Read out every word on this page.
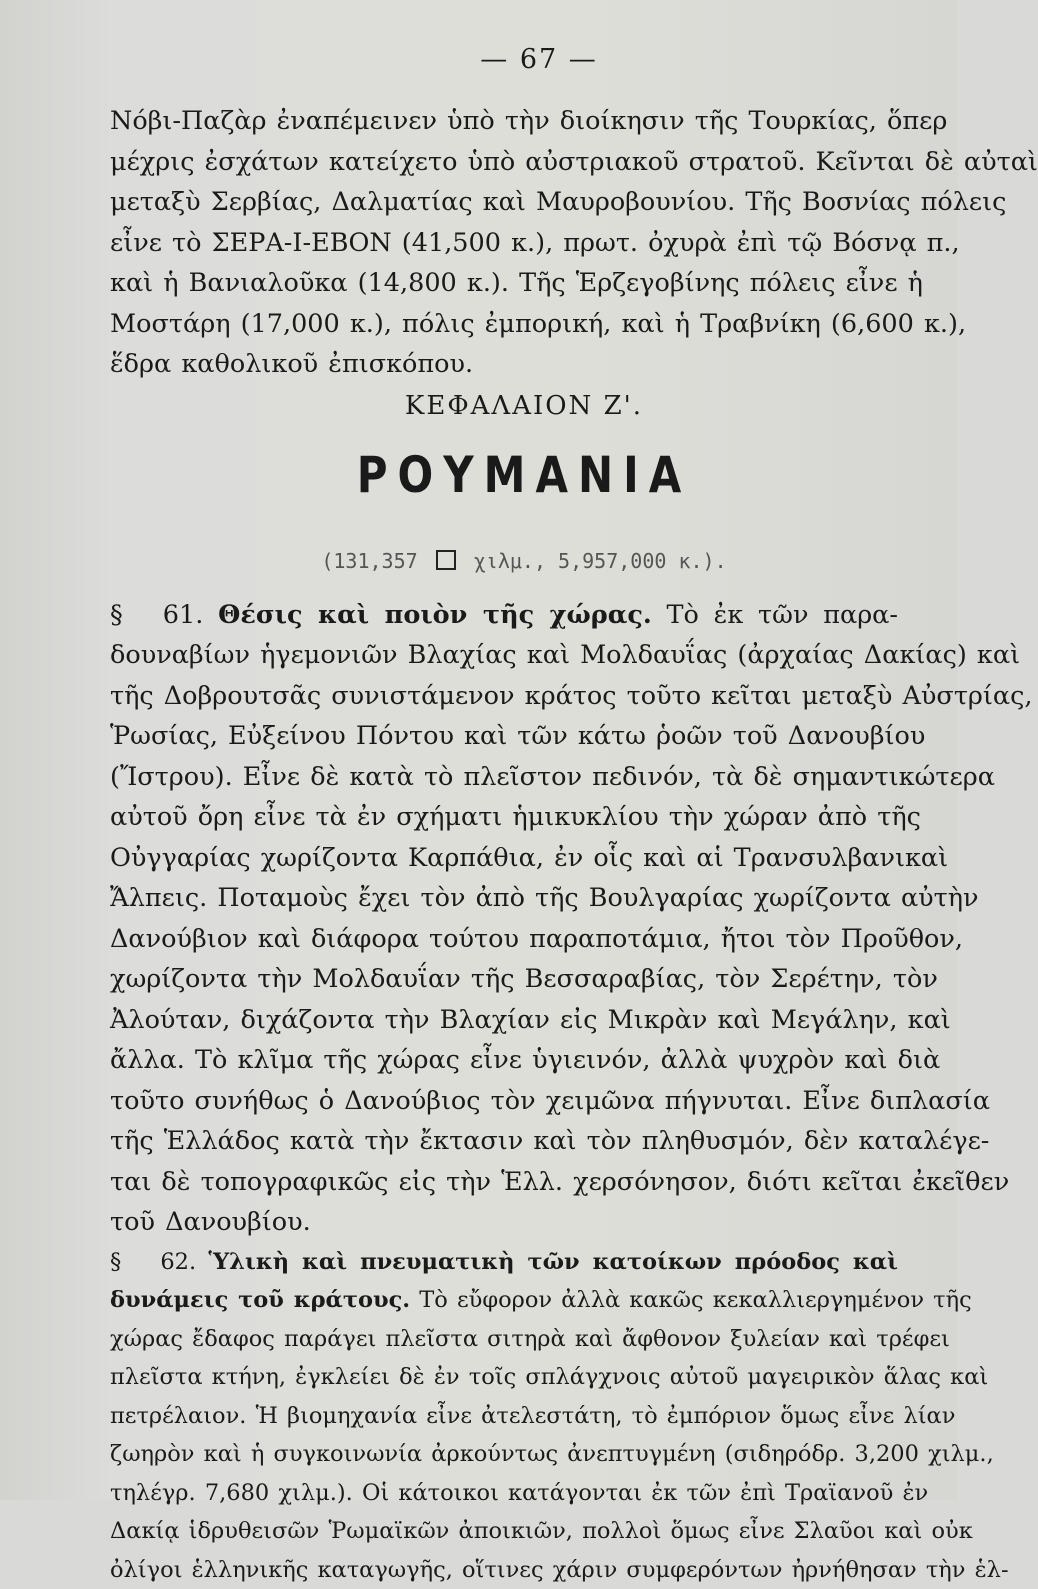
— 67 —
Νόβι-Παζὰρ ἐναπέμεινεν ὑπὸ τὴν διοίκησιν τῆς Τουρκίας, ὅπερ
μέχρις ἐσχάτων κατείχετο ὑπὸ αὐστριακοῦ στρατοῦ. Κεῖνται δὲ αὐταὶ
μεταξὺ Σερβίας, Δαλματίας καὶ Μαυροβουνίου. Τῆς Βοσνίας πόλεις
εἶνε τὸ ΣΕΡΑ-Ι-ΕΒΟΝ (41,500 κ.), πρωτ. ὀχυρὰ ἐπὶ τῷ Βόσνᾳ π.,
καὶ ἡ Βανιαλοῦκα (14,800 κ.). Τῆς Ἑρζεγοβίνης πόλεις εἶνε ἡ
Μοστάρη (17,000 κ.), πόλις ἐμπορική, καὶ ἡ Τραβνίκη (6,600 κ.),
ἕδρα καθολικοῦ ἐπισκόπου.
ΚΕΦΑΛΑΙΟΝ Ζ'.
ΡΟΥΜΑΝΙΑ
(131,357	χιλμ., 5,957,000 κ.).
§ 61. Θέσις καὶ ποιὸν τῆς χώρας. Τὸ ἐκ τῶν παρα-
δουναβίων ἡγεμονιῶν Βλαχίας καὶ Μολδαυΐας (ἀρχαίας Δακίας) καὶ
τῆς Δοβρουτσᾶς συνιστάμενον κράτος τοῦτο κεῖται μεταξὺ Αὐστρίας,
Ῥωσίας, Εὐξείνου Πόντου καὶ τῶν κάτω ῥοῶν τοῦ Δανουβίου
(Ἴστρου). Εἶνε δὲ κατὰ τὸ πλεῖστον πεδινόν, τὰ δὲ σημαντικώτερα
αὐτοῦ ὄρη εἶνε τὰ ἐν σχήματι ἡμικυκλίου τὴν χώραν ἀπὸ τῆς
Οὐγγαρίας χωρίζοντα Καρπάθια, ἐν οἷς καὶ αἱ Τρανσυλβανικαὶ
Ἄλπεις. Ποταμοὺς ἔχει τὸν ἀπὸ τῆς Βουλγαρίας χωρίζοντα αὐτὴν
Δανούβιον καὶ διάφορα τούτου παραποτάμια, ἤτοι τὸν Προῦθον,
χωρίζοντα τὴν Μολδαυΐαν τῆς Βεσσαραβίας, τὸν Σερέτην, τὸν
Ἀλούταν, διχάζοντα τὴν Βλαχίαν εἰς Μικρὰν καὶ Μεγάλην, καὶ
ἄλλα. Τὸ κλῖμα τῆς χώρας εἶνε ὑγιεινόν, ἀλλὰ ψυχρὸν καὶ διὰ
τοῦτο συνήθως ὁ Δανούβιος τὸν χειμῶνα πήγνυται. Εἶνε διπλασία
τῆς Ἑλλάδος κατὰ τὴν ἔκτασιν καὶ τὸν πληθυσμόν, δὲν καταλέγε-
ται δὲ τοπογραφικῶς εἰς τὴν Ἑλλ. χερσόνησον, διότι κεῖται ἐκεῖθεν
τοῦ Δανουβίου.
§ 62. Ὑλικὴ καὶ πνευματικὴ τῶν κατοίκων πρόοδος καὶ
δυνάμεις τοῦ κράτους. Τὸ εὔφορον ἀλλὰ κακῶς κεκαλλιεργημένον τῆς
χώρας ἔδαφος παράγει πλεῖστα σιτηρὰ καὶ ἄφθονον ξυλείαν καὶ τρέφει
πλεῖστα κτήνη, ἐγκλείει δὲ ἐν τοῖς σπλάγχνοις αὐτοῦ μαγειρικὸν ἅλας καὶ
πετρέλαιον. Ἡ βιομηχανία εἶνε ἀτελεστάτη, τὸ ἐμπόριον ὅμως εἶνε λίαν
ζωηρὸν καὶ ἡ συγκοινωνία ἀρκούντως ἀνεπτυγμένη (σιδηρόδρ. 3,200 χιλμ.,
τηλέγρ. 7,680 χιλμ.). Οἱ κάτοικοι κατάγονται ἐκ τῶν ἐπὶ Τραϊανοῦ ἐν
Δακίᾳ ἱδρυθεισῶν Ῥωμαϊκῶν ἀποικιῶν, πολλοὶ ὅμως εἶνε Σλαῦοι καὶ οὐκ
ὀλίγοι ἑλληνικῆς καταγωγῆς, οἵτινες χάριν συμφερόντων ἠρνήθησαν τὴν ἑλ-
